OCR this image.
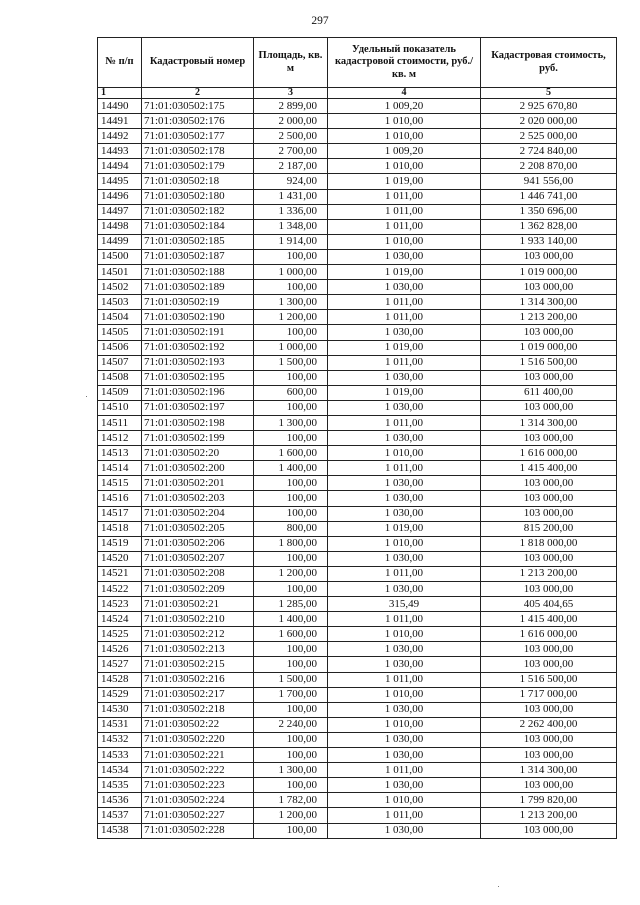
297
№ п/п	Кадастровый номер	Площадь, кв. м	Удельный показатель кадастровой стоимости, руб./кв. м	Кадастровая стоимость, руб.
1	2	3	4	5
14490	71:01:030502:175	2 899,00	1 009,20	2 925 670,80
14491	71:01:030502:176	2 000,00	1 010,00	2 020 000,00
14492	71:01:030502:177	2 500,00	1 010,00	2 525 000,00
14493	71:01:030502:178	2 700,00	1 009,20	2 724 840,00
14494	71:01:030502:179	2 187,00	1 010,00	2 208 870,00
14495	71:01:030502:18	924,00	1 019,00	941 556,00
14496	71:01:030502:180	1 431,00	1 011,00	1 446 741,00
14497	71:01:030502:182	1 336,00	1 011,00	1 350 696,00
14498	71:01:030502:184	1 348,00	1 011,00	1 362 828,00
14499	71:01:030502:185	1 914,00	1 010,00	1 933 140,00
14500	71:01:030502:187	100,00	1 030,00	103 000,00
14501	71:01:030502:188	1 000,00	1 019,00	1 019 000,00
14502	71:01:030502:189	100,00	1 030,00	103 000,00
14503	71:01:030502:19	1 300,00	1 011,00	1 314 300,00
14504	71:01:030502:190	1 200,00	1 011,00	1 213 200,00
14505	71:01:030502:191	100,00	1 030,00	103 000,00
14506	71:01:030502:192	1 000,00	1 019,00	1 019 000,00
14507	71:01:030502:193	1 500,00	1 011,00	1 516 500,00
14508	71:01:030502:195	100,00	1 030,00	103 000,00
14509	71:01:030502:196	600,00	1 019,00	611 400,00
14510	71:01:030502:197	100,00	1 030,00	103 000,00
14511	71:01:030502:198	1 300,00	1 011,00	1 314 300,00
14512	71:01:030502:199	100,00	1 030,00	103 000,00
14513	71:01:030502:20	1 600,00	1 010,00	1 616 000,00
14514	71:01:030502:200	1 400,00	1 011,00	1 415 400,00
14515	71:01:030502:201	100,00	1 030,00	103 000,00
14516	71:01:030502:203	100,00	1 030,00	103 000,00
14517	71:01:030502:204	100,00	1 030,00	103 000,00
14518	71:01:030502:205	800,00	1 019,00	815 200,00
14519	71:01:030502:206	1 800,00	1 010,00	1 818 000,00
14520	71:01:030502:207	100,00	1 030,00	103 000,00
14521	71:01:030502:208	1 200,00	1 011,00	1 213 200,00
14522	71:01:030502:209	100,00	1 030,00	103 000,00
14523	71:01:030502:21	1 285,00	315,49	405 404,65
14524	71:01:030502:210	1 400,00	1 011,00	1 415 400,00
14525	71:01:030502:212	1 600,00	1 010,00	1 616 000,00
14526	71:01:030502:213	100,00	1 030,00	103 000,00
14527	71:01:030502:215	100,00	1 030,00	103 000,00
14528	71:01:030502:216	1 500,00	1 011,00	1 516 500,00
14529	71:01:030502:217	1 700,00	1 010,00	1 717 000,00
14530	71:01:030502:218	100,00	1 030,00	103 000,00
14531	71:01:030502:22	2 240,00	1 010,00	2 262 400,00
14532	71:01:030502:220	100,00	1 030,00	103 000,00
14533	71:01:030502:221	100,00	1 030,00	103 000,00
14534	71:01:030502:222	1 300,00	1 011,00	1 314 300,00
14535	71:01:030502:223	100,00	1 030,00	103 000,00
14536	71:01:030502:224	1 782,00	1 010,00	1 799 820,00
14537	71:01:030502:227	1 200,00	1 011,00	1 213 200,00
14538	71:01:030502:228	100,00	1 030,00	103 000,00
